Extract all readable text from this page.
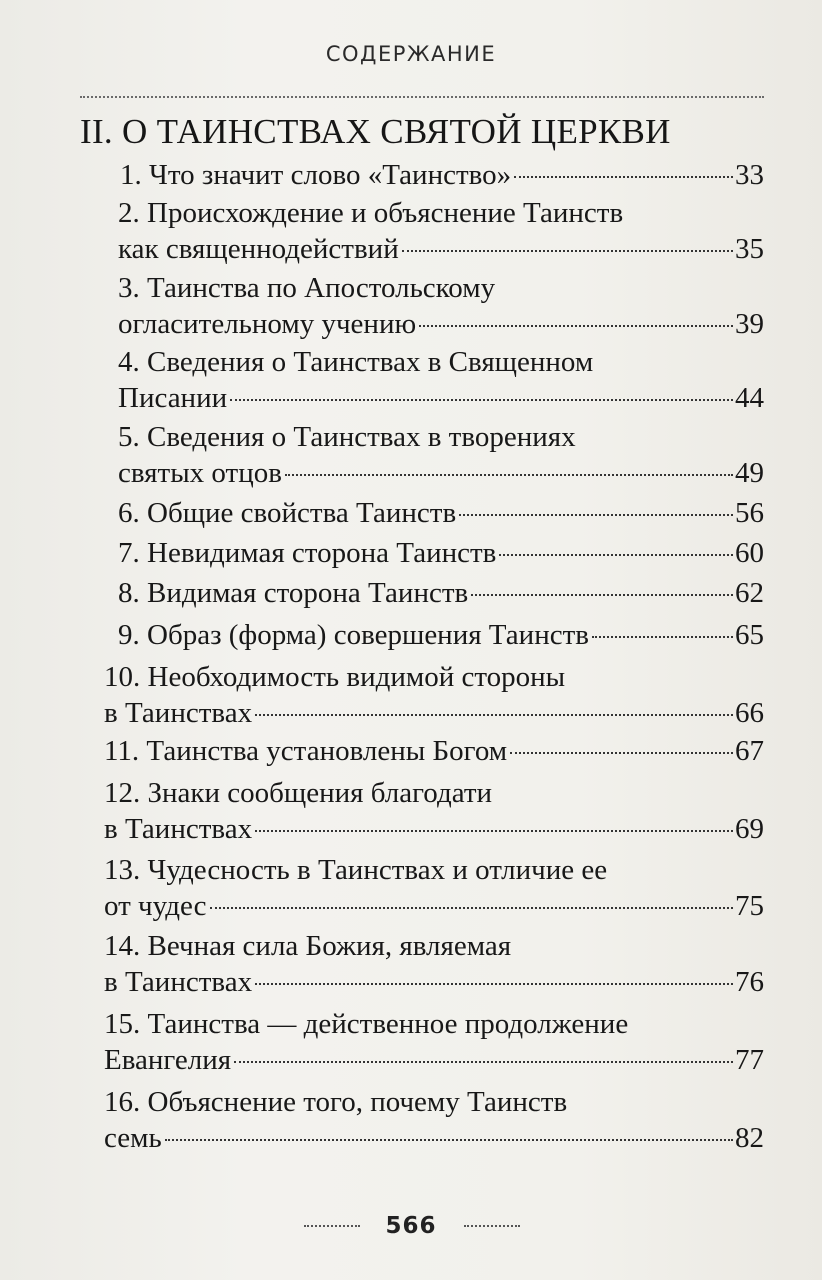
СОДЕРЖАНИЕ
II. О ТАИНСТВАХ СВЯТОЙ ЦЕРКВИ
1. Что значит слово «Таинство»	33
2. Происхождение и объяснение Таинств
как священнодействий	35
3. Таинства по Апостольскому
огласительному учению	39
4. Сведения о Таинствах в Священном
Писании	44
5. Сведения о Таинствах в творениях
святых отцов	49
6. Общие свойства Таинств	56
7. Невидимая сторона Таинств	60
8. Видимая сторона Таинств	62
9. Образ (форма) совершения Таинств	65
10. Необходимость видимой стороны
в Таинствах	66
11. Таинства установлены Богом	67
12. Знаки сообщения благодати
в Таинствах	69
13. Чудесность в Таинствах и отличие ее
от чудес	75
14. Вечная сила Божия, являемая
в Таинствах	76
15. Таинства — действенное продолжение
Евангелия	77
16. Объяснение того, почему Таинств
семь	82
566
